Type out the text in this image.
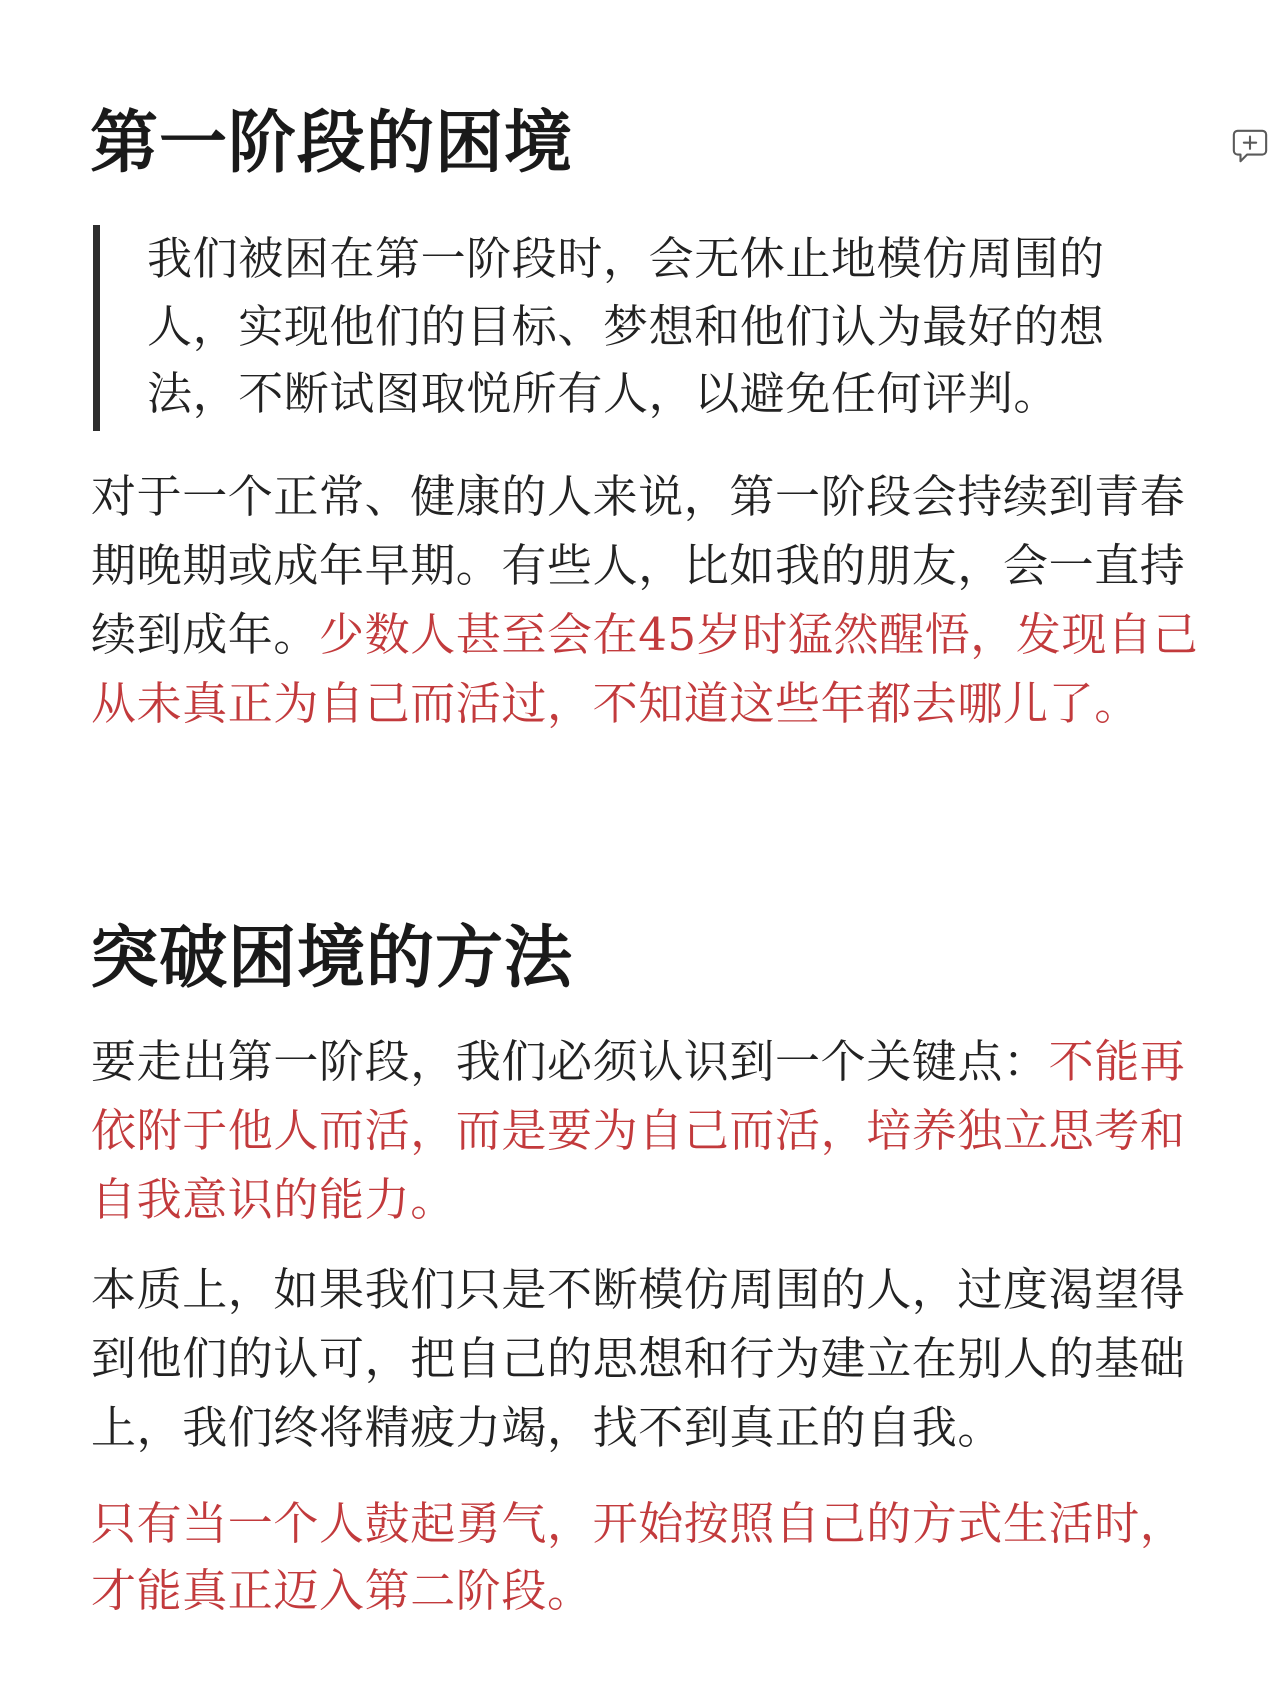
第一阶段的困境
我们被困在第一阶段时，会无休止地模仿周围的
人，实现他们的目标、梦想和他们认为最好的想
法，不断试图取悦所有人，以避免任何评判。
对于一个正常、健康的人来说，第一阶段会持续到青春
期晚期或成年早期。有些人，比如我的朋友，会一直持
续到成年。少数人甚至会在45岁时猛然醒悟，发现自己
从未真正为自己而活过，不知道这些年都去哪儿了。
突破困境的方法
要走出第一阶段，我们必须认识到一个关键点：不能再
依附于他人而活，而是要为自己而活，培养独立思考和
自我意识的能力。
本质上，如果我们只是不断模仿周围的人，过度渴望得
到他们的认可，把自己的思想和行为建立在别人的基础
上，我们终将精疲力竭，找不到真正的自我。
只有当一个人鼓起勇气，开始按照自己的方式生活时，
才能真正迈入第二阶段。
